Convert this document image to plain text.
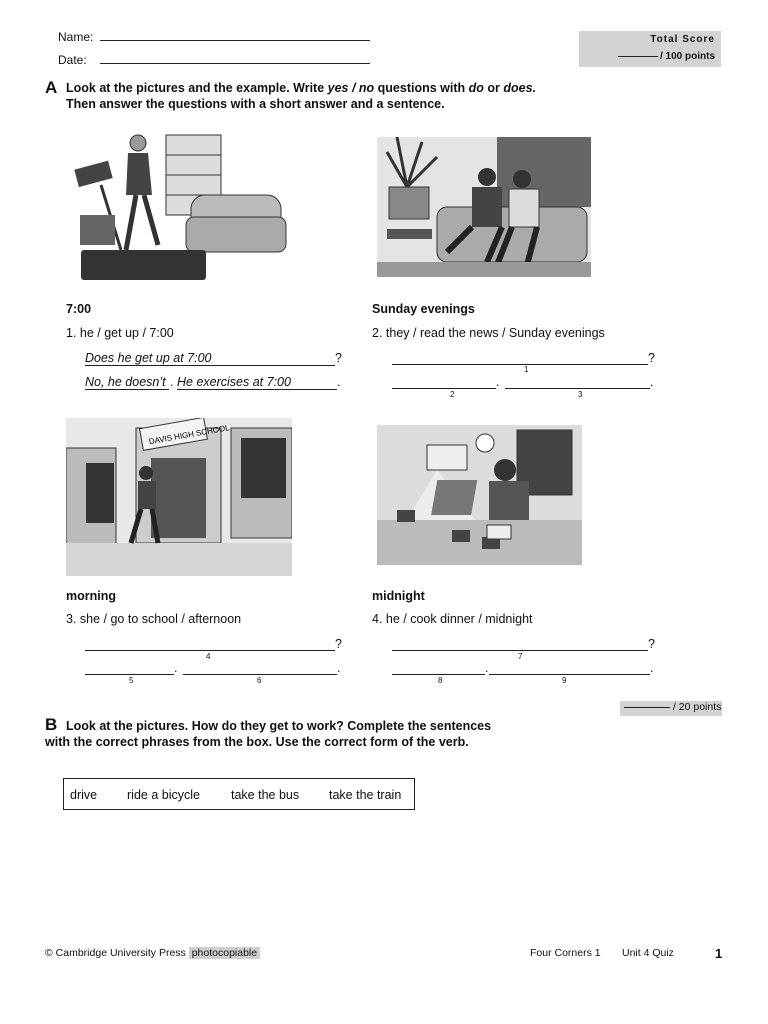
Name:
Date:
Total Score
/ 100 points
A Look at the pictures and the example. Write yes / no questions with do or does.
Then answer the questions with a short answer and a sentence.
7:00
1. he / get up / 7:00
Does he get up at 7:00	?
No, he doesn’t . He exercises at 7:00	.
Sunday evenings
2. they / read the news / Sunday evenings
?
1
.	.
2	3
DAVIS HIGH SCHOOL
morning
3. she / go to school / afternoon
?
4
.	.
5	6
midnight
4. he / cook dinner / midnight
?
7
.	.
8	9
/ 20 points
B Look at the pictures. How do they get to work? Complete the sentences
with the correct phrases from the box. Use the correct form of the verb.
drive ride a bicycle take the bus take the train
© Cambridge University Press photocopiable	Four Corners 1 Unit 4 Quiz	1
